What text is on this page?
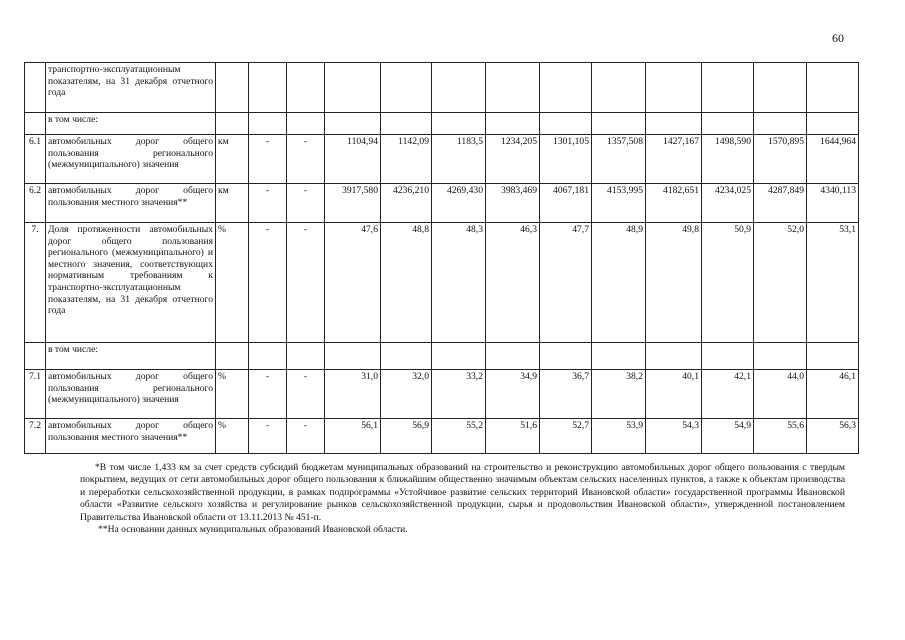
60
	транспортно-эксплуатационным показателям, на 31 декабря отчетного года													
	в том числе:													
6.1	автомобильных дорог общего пользования регионального (межмуниципального) значения	км	-	-	1104,94	1142,09	1183,5	1234,205	1301,105	1357,508	1427,167	1498,590	1570,895	1644,964
6.2	автомобильных дорог общего пользования местного значения**	км	-	-	3917,580	4236,210	4269,430	3983,469	4067,181	4153,995	4182,651	4234,025	4287,849	4340,113
7.	Доля протяженности автомобильных дорог общего пользования регионального (межмуниципального) и местного значения, соответствующих нормативным требованиям к транспортно-эксплуатационным показателям, на 31 декабря отчетного года	%	-	-	47,6	48,8	48,3	46,3	47,7	48,9	49,8	50,9	52,0	53,1
	в том числе:													
7.1	автомобильных дорог общего пользования регионального (межмуниципального) значения	%	-	-	31,0	32,0	33,2	34,9	36,7	38,2	40,1	42,1	44,0	46,1
7.2	автомобильных дорог общего пользования местного значения**	%	-	-	56,1	56,9	55,2	51,6	52,7	53,9	54,3	54,9	55,6	56,3

*В том числе 1,433 км за счет средств субсидий бюджетам муниципальных образований на строительство и реконструкцию автомобильных дорог общего пользования с твердым покрытием, ведущих от сети автомобильных дорог общего пользования к ближайшим общественно значимым объектам сельских населенных пунктов, а также к объектам производства и переработки сельскохозяйственной продукции, в рамках подпрограммы «Устойчивое развитие сельских территорий Ивановской области» государственной программы Ивановской области «Развитие сельского хозяйства и регулирование рынков сельскохозяйственной продукции, сырья и продовольствия Ивановской области», утвержденной постановлением Правительства Ивановской области от 13.11.2013 № 451-п.

**На основании данных муниципальных образований Ивановской области.
